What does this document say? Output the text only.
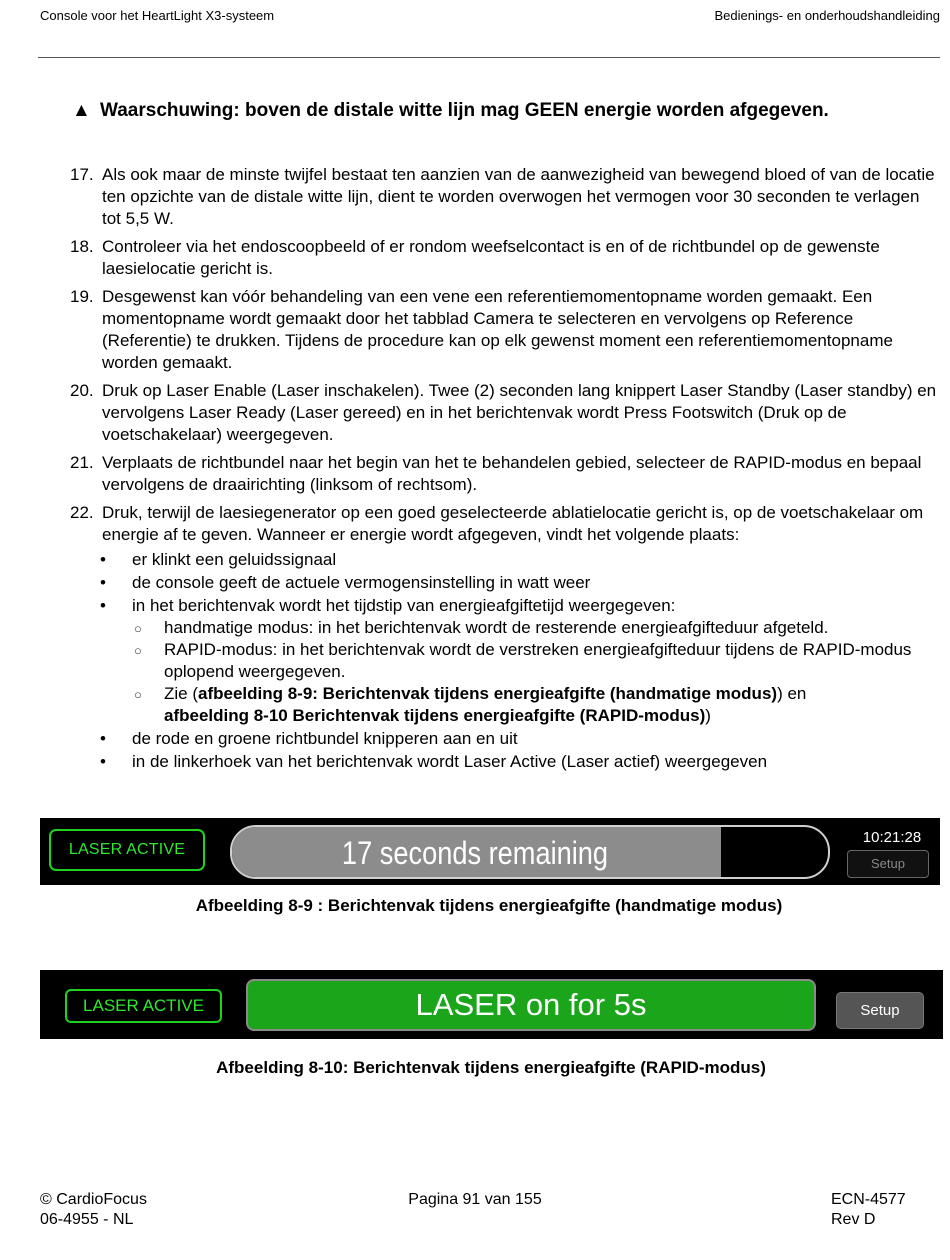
Console voor het HeartLight X3-systeem	Bedienings- en onderhoudshandleiding
▲ Waarschuwing: boven de distale witte lijn mag GEEN energie worden afgegeven.
17. Als ook maar de minste twijfel bestaat ten aanzien van de aanwezigheid van bewegend bloed of van de locatie ten opzichte van de distale witte lijn, dient te worden overwogen het vermogen voor 30 seconden te verlagen tot 5,5 W.
18. Controleer via het endoscoopbeeld of er rondom weefselcontact is en of de richtbundel op de gewenste laesielocatie gericht is.
19. Desgewenst kan vóór behandeling van een vene een referentiemomentopname worden gemaakt. Een momentopname wordt gemaakt door het tabblad Camera te selecteren en vervolgens op Reference (Referentie) te drukken. Tijdens de procedure kan op elk gewenst moment een referentiemomentopname worden gemaakt.
20. Druk op Laser Enable (Laser inschakelen). Twee (2) seconden lang knippert Laser Standby (Laser standby) en vervolgens Laser Ready (Laser gereed) en in het berichtenvak wordt Press Footswitch (Druk op de voetschakelaar) weergegeven.
21. Verplaats de richtbundel naar het begin van het te behandelen gebied, selecteer de RAPID-modus en bepaal vervolgens de draairichting (linksom of rechtsom).
22. Druk, terwijl de laesiegenerator op een goed geselecteerde ablatielocatie gericht is, op de voetschakelaar om energie af te geven. Wanneer er energie wordt afgegeven, vindt het volgende plaats:
• er klinkt een geluidssignaal
• de console geeft de actuele vermogensinstelling in watt weer
• in het berichtenvak wordt het tijdstip van energieafgiftetijd weergegeven:
○ handmatige modus: in het berichtenvak wordt de resterende energieafgifteduur afgeteld.
○ RAPID-modus: in het berichtenvak wordt de verstreken energieafgifteduur tijdens de RAPID-modus oplopend weergegeven.
○ Zie (afbeelding 8-9: Berichtenvak tijdens energieafgifte (handmatige modus)) en
afbeelding 8-10 Berichtenvak tijdens energieafgifte (RAPID-modus))
• de rode en groene richtbundel knipperen aan en uit
• in de linkerhoek van het berichtenvak wordt Laser Active (Laser actief) weergegeven
LASER ACTIVE	17 seconds remaining	10:21:28
Setup
Afbeelding 8-9 : Berichtenvak tijdens energieafgifte (handmatige modus)
LASER ACTIVE	LASER on for 5s	Setup
Afbeelding 8-10: Berichtenvak tijdens energieafgifte (RAPID-modus)
© CardioFocus
06-4955 - NL
Pagina 91 van 155	ECN-4577
Rev D
